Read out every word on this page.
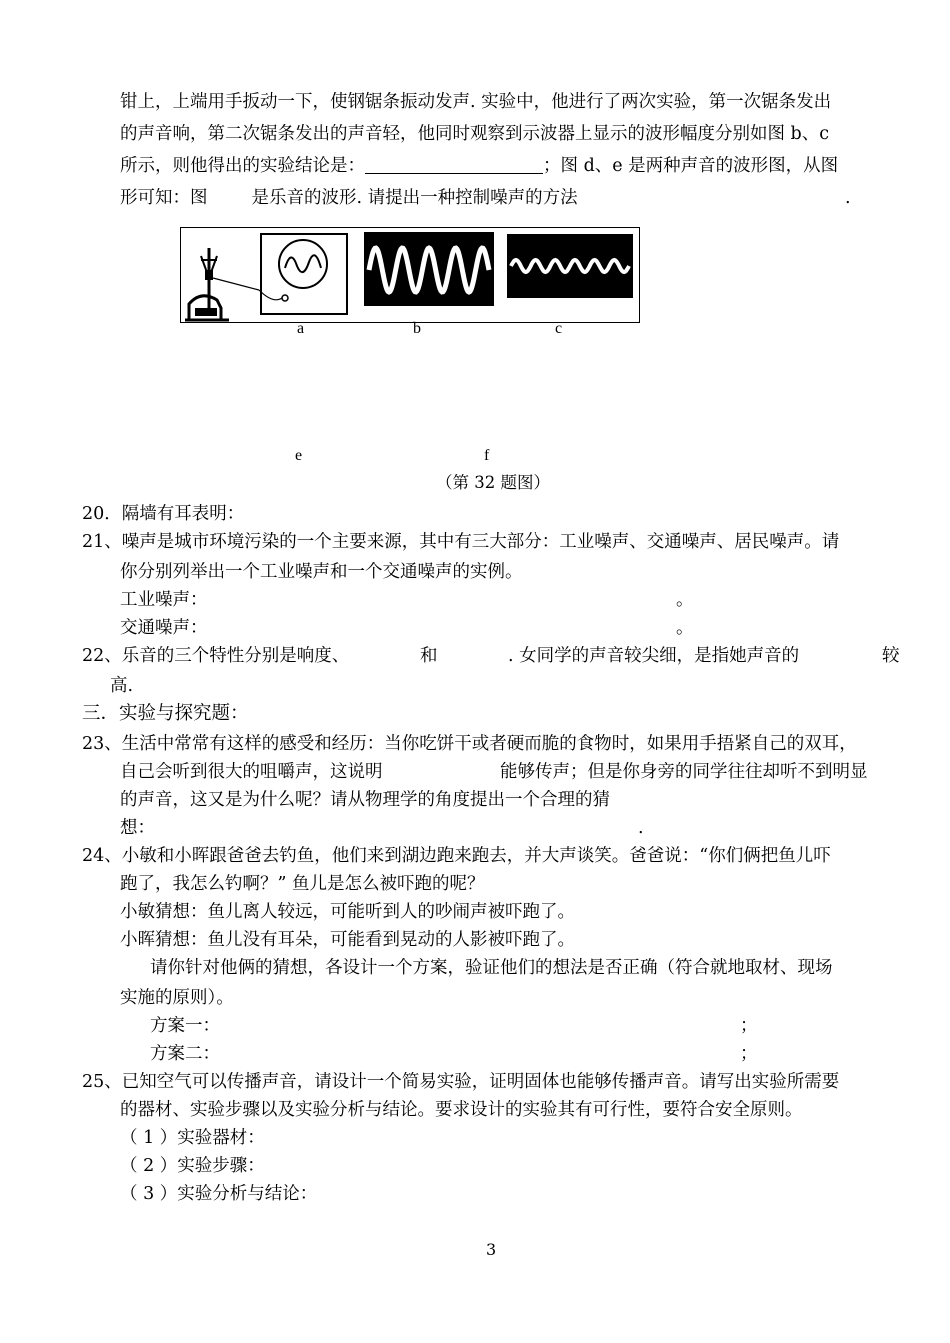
钳上，上端用手扳动一下，使钢锯条振动发声. 实验中，他进行了两次实验，第一次锯条发出
的声音响，第二次锯条发出的声音轻，他同时观察到示波器上显示的波形幅度分别如图 b、c
所示，则他得出的实验结论是：	；图 d、e 是两种声音的波形图，从图
形可知：图	是乐音的波形. 请提出一种控制噪声的方法	.
a	b	c
e	f
（第 32 题图）
20．隔墙有耳表明：
21、噪声是城市环境污染的一个主要来源，其中有三大部分：工业噪声、交通噪声、居民噪声。请
你分别列举出一个工业噪声和一个交通噪声的实例。
工业噪声：	。
交通噪声：	。
22、乐音的三个特性分别是响度、	和	. 女同学的声音较尖细，是指她声音的	较
高.
三．实验与探究题：
23、生活中常常有这样的感受和经历：当你吃饼干或者硬而脆的食物时，如果用手捂紧自己的双耳，
自己会听到很大的咀嚼声，这说明	能够传声；但是你身旁的同学往往却听不到明显
的声音，这又是为什么呢？请从物理学的角度提出一个合理的猜
想：	.
24、小敏和小晖跟爸爸去钓鱼，他们来到湖边跑来跑去，并大声谈笑。爸爸说：“你们俩把鱼儿吓
跑了，我怎么钓啊？” 鱼儿是怎么被吓跑的呢？
小敏猜想：鱼儿离人较远，可能听到人的吵闹声被吓跑了。
小晖猜想：鱼儿没有耳朵，可能看到晃动的人影被吓跑了。
请你针对他俩的猜想，各设计一个方案，验证他们的想法是否正确（符合就地取材、现场
实施的原则）。
方案一：	；
方案二：	；
25、已知空气可以传播声音，请设计一个简易实验，证明固体也能够传播声音。请写出实验所需要
的器材、实验步骤以及实验分析与结论。要求设计的实验其有可行性，要符合安全原则。
（ 1 ）实验器材：
（ 2 ）实验步骤：
（ 3 ）实验分析与结论：
3
